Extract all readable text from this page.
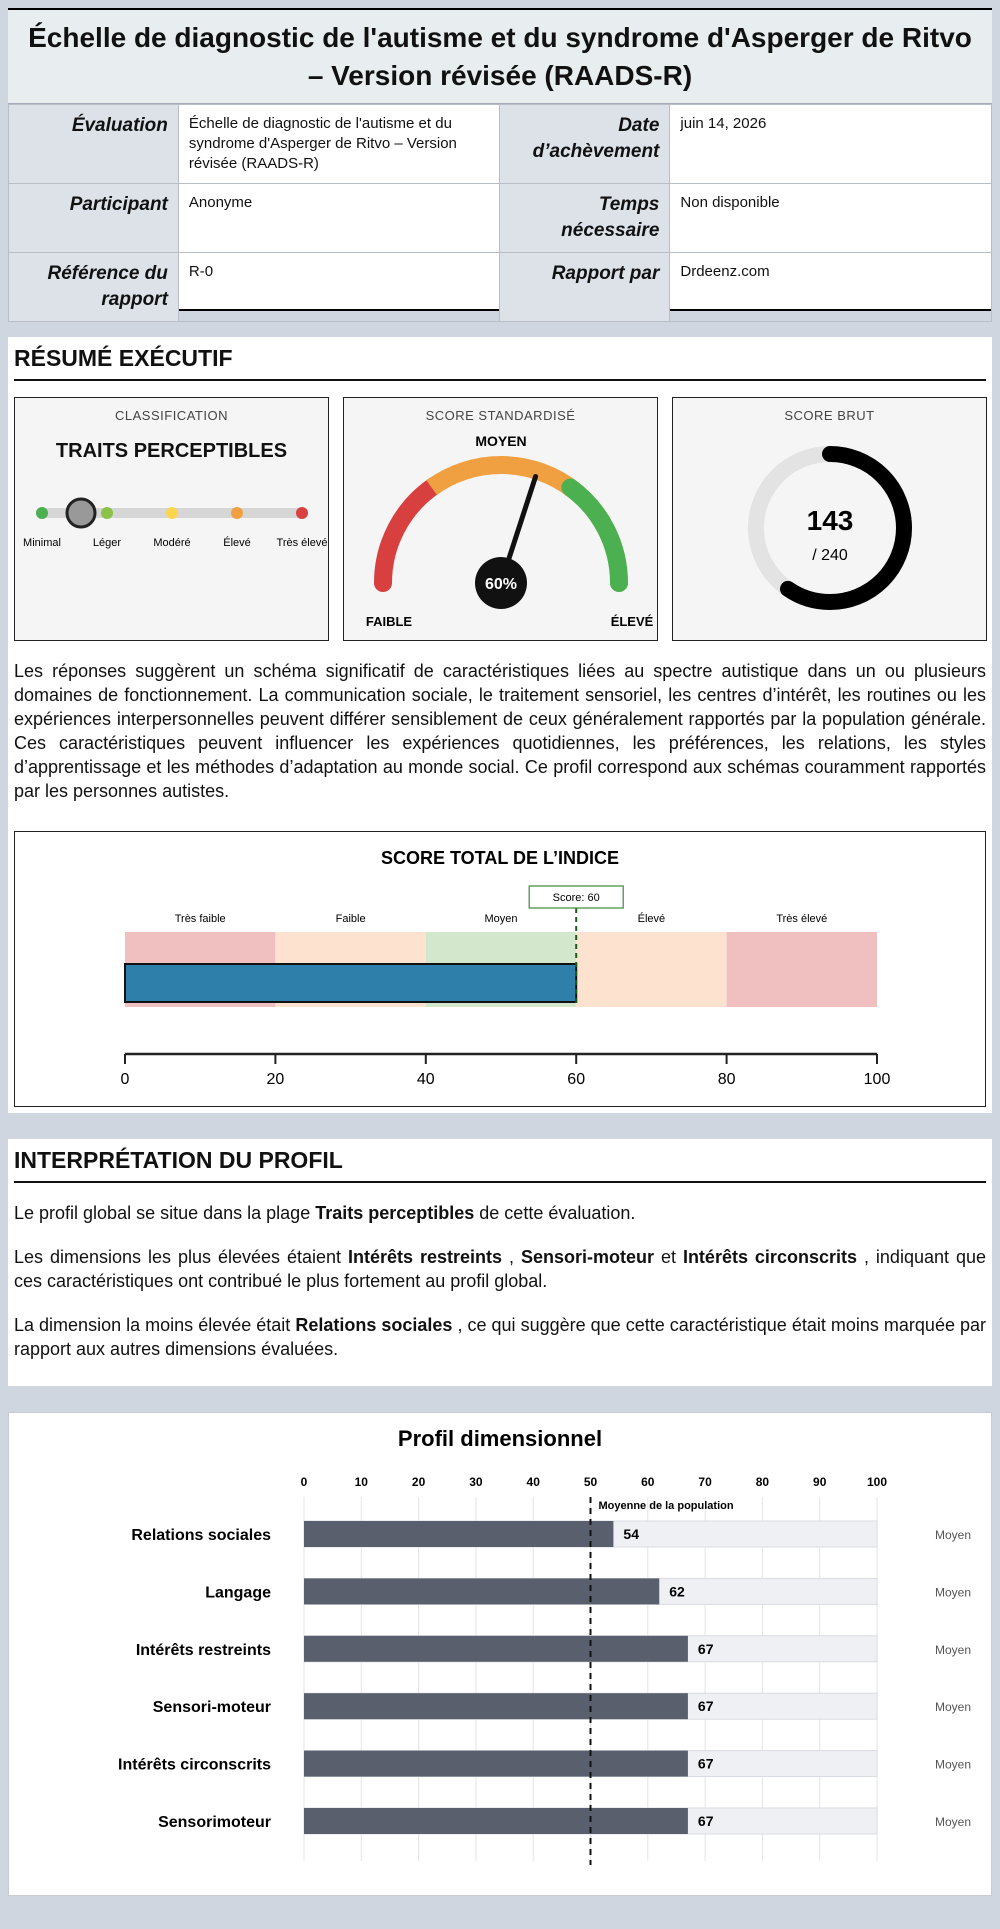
Échelle de diagnostic de l'autisme et du syndrome d'Asperger de Ritvo – Version révisée (RAADS-R)
Évaluation	Échelle de diagnostic de l'autisme et du syndrome d'Asperger de Ritvo – Version révisée (RAADS-R)	Date d’achèvement	juin 14, 2026
Participant	Anonyme	Temps nécessaire	Non disponible
Référence du rapport	R-0	Rapport par	Drdeenz.com
RÉSUMÉ EXÉCUTIF
CLASSIFICATION
TRAITS PERCEPTIBLES
Minimal	Léger	Modéré	Élevé Très élevé
SCORE STANDARDISÉ
60%
MOYEN
FAIBLE	ÉLEVÉ
SCORE BRUT
143
/ 240
Les réponses suggèrent un schéma significatif de caractéristiques liées au spectre autistique dans un ou plusieurs domaines de fonctionnement. La communication sociale, le traitement sensoriel, les centres d’intérêt, les routines ou les expériences interpersonnelles peuvent différer sensiblement de ceux généralement rapportés par la population générale. Ces caractéristiques peuvent influencer les expériences quotidiennes, les préférences, les relations, les styles d’apprentissage et les méthodes d’adaptation au monde social. Ce profil correspond aux schémas couramment rapportés par les personnes autistes.
SCORE TOTAL DE L’INDICE
Très faible	Faible	Moyen	Élevé	Très élevé
Score: 60
0	20	40	60	80	100
INTERPRÉTATION DU PROFIL
Le profil global se situe dans la plage Traits perceptibles de cette évaluation.
Les dimensions les plus élevées étaient Intérêts restreints , Sensori-moteur et Intérêts circonscrits , indiquant que ces caractéristiques ont contribué le plus fortement au profil global.
La dimension la moins élevée était Relations sociales , ce qui suggère que cette caractéristique était moins marquée par rapport aux autres dimensions évaluées.
Profil dimensionnel
0	10	20	30	40	50	60	70	80	90	100
Relations sociales	54	Moyen
Langage	62	Moyen
Intérêts restreints	67	Moyen
Sensori-moteur	67	Moyen
Intérêts circonscrits	67	Moyen
Sensorimoteur	67	Moyen
Moyenne de la population
